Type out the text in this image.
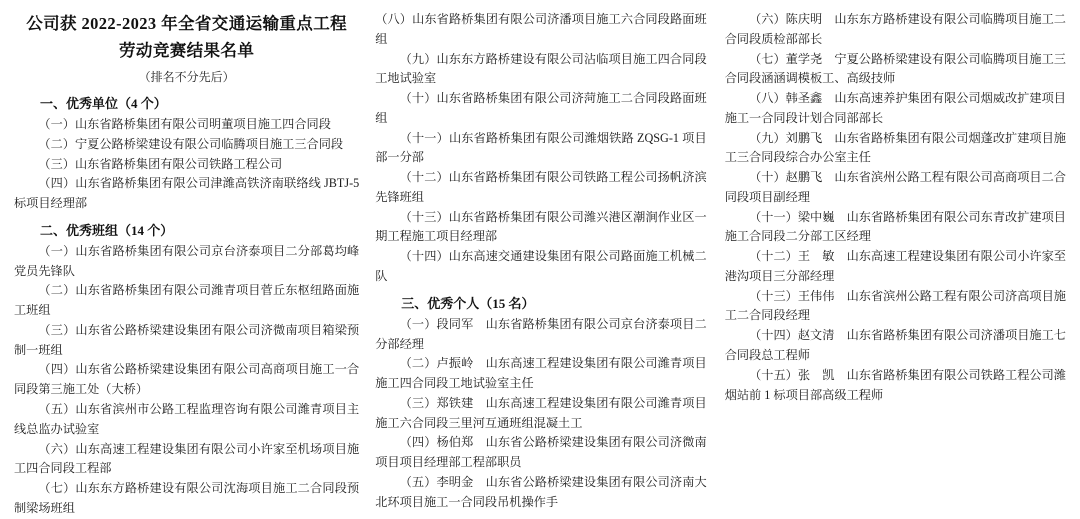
公司获 2022-2023 年全省交通运输重点工程
劳动竞赛结果名单
（排名不分先后）
一、优秀单位（4 个）

（一）山东省路桥集团有限公司明董项目施工四合同段

（二）宁夏公路桥梁建设有限公司临腾项目施工三合同段

（三）山东省路桥集团有限公司铁路工程公司

（四）山东省路桥集团有限公司津潍高铁济南联络线 JBTJ-5 标项目经理部

二、优秀班组（14 个）

（一）山东省路桥集团有限公司京台济泰项目二分部葛均峰党员先锋队

（二）山东省路桥集团有限公司潍青项目菅丘东枢纽路面施工班组

（三）山东省公路桥梁建设集团有限公司济微南项目箱梁预制一班组

（四）山东省公路桥梁建设集团有限公司高商项目施工一合同段第三施工处（大桥）

（五）山东省滨州市公路工程监理咨询有限公司潍青项目主线总监办试验室

（六）山东高速工程建设集团有限公司小许家至机场项目施工四合同段工程部

（七）山东东方路桥建设有限公司沈海项目施工二合同段预制梁场班组

（八）山东省路桥集团有限公司济潘项目施工六合同段路面班组

（九）山东东方路桥建设有限公司沾临项目施工四合同段工地试验室

（十）山东省路桥集团有限公司济菏施工二合同段路面班组

（十一）山东省路桥集团有限公司潍烟铁路 ZQSG-1 项目部一分部

（十二）山东省路桥集团有限公司铁路工程公司扬帆济滨先锋班组

（十三）山东省路桥集团有限公司潍兴港区潮涧作业区一期工程施工项目经理部

（十四）山东高速交通建设集团有限公司路面施工机械二队

三、优秀个人（15 名）

（一）段同军　山东省路桥集团有限公司京台济泰项目二分部经理

（二）卢振岭　山东高速工程建设集团有限公司潍青项目施工四合同段工地试验室主任

（三）郑铁建　山东高速工程建设集团有限公司潍青项目施工六合同段三里河互通班组混凝土工

（四）杨伯郑　山东省公路桥梁建设集团有限公司济微南项目项目经理部工程部职员

（五）李明金　山东省公路桥梁建设集团有限公司济南大北环项目施工一合同段吊机操作手

（六）陈庆明　山东东方路桥建设有限公司临腾项目施工二合同段质检部部长

（七）董学尧　宁夏公路桥梁建设有限公司临腾项目施工三合同段涵涵调模板工、高级技师

（八）韩圣鑫　山东高速养护集团有限公司烟威改扩建项目施工一合同段计划合同部部长

（九）刘鹏飞　山东省路桥集团有限公司烟蓬改扩建项目施工三合同段综合办公室主任

（十）赵鹏飞　山东省滨州公路工程有限公司高商项目二合同段项目副经理

（十一）梁中巍　山东省路桥集团有限公司东青改扩建项目施工合同段二分部工区经理

（十二）王　敏　山东高速工程建设集团有限公司小许家至港沟项目三分部经理

（十三）王伟伟　山东省滨州公路工程有限公司济高项目施工二合同段经理

（十四）赵文清　山东省路桥集团有限公司济潘项目施工七合同段总工程师

（十五）张　凯　山东省路桥集团有限公司铁路工程公司潍烟站前 1 标项目部高级工程师
